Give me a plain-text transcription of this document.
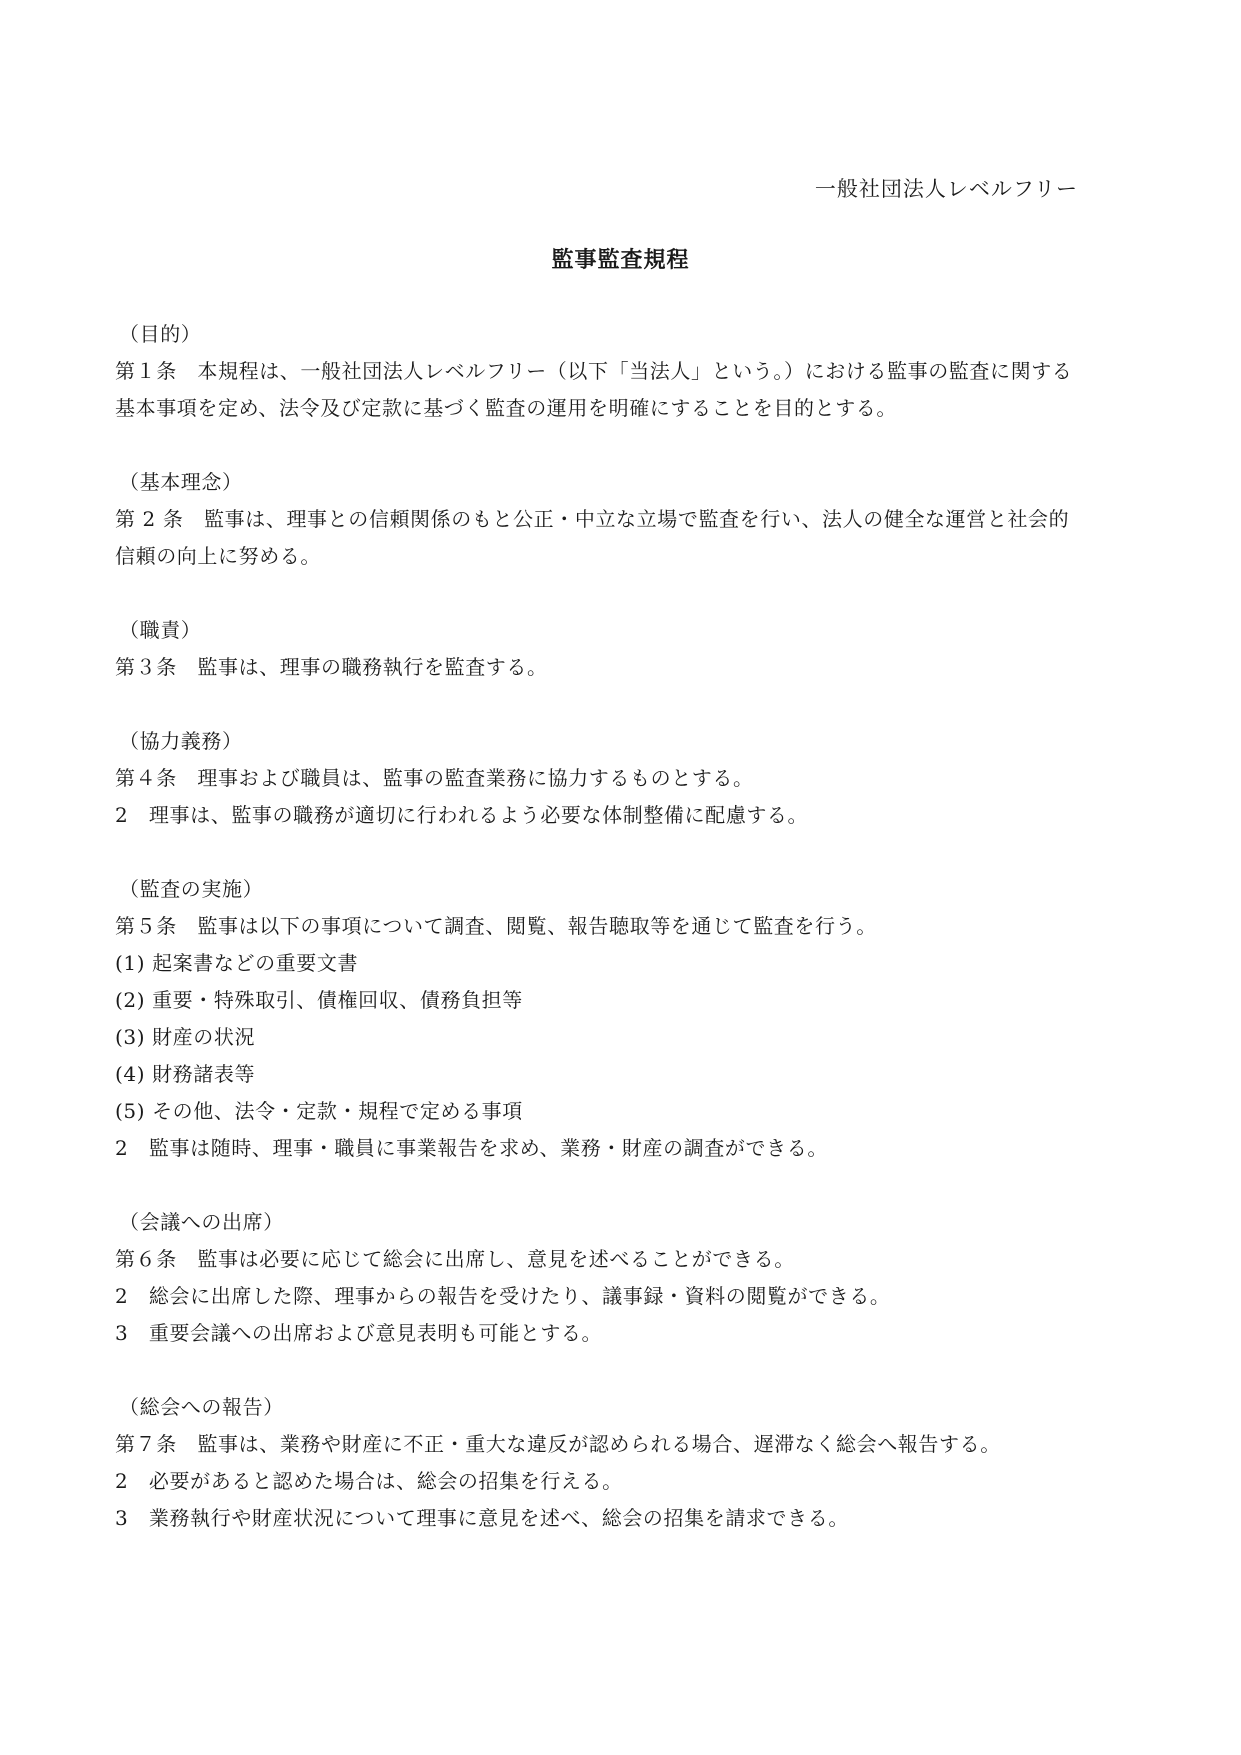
一般社団法人レベルフリー
監事監査規程
（目的）
第１条　本規程は、一般社団法人レベルフリー（以下「当法人」という。）における監事の監査に関する
基本事項を定め、法令及び定款に基づく監査の運用を明確にすることを目的とする。
（基本理念）
第 2 条　監事は、理事との信頼関係のもと公正・中立な立場で監査を行い、法人の健全な運営と社会的
信頼の向上に努める。
（職責）
第３条　監事は、理事の職務執行を監査する。
（協力義務）
第４条　理事および職員は、監事の監査業務に協力するものとする。
2　理事は、監事の職務が適切に行われるよう必要な体制整備に配慮する。
（監査の実施）
第５条　監事は以下の事項について調査、閲覧、報告聴取等を通じて監査を行う。
(1) 起案書などの重要文書
(2) 重要・特殊取引、債権回収、債務負担等
(3) 財産の状況
(4) 財務諸表等
(5) その他、法令・定款・規程で定める事項
2　監事は随時、理事・職員に事業報告を求め、業務・財産の調査ができる。
（会議への出席）
第６条　監事は必要に応じて総会に出席し、意見を述べることができる。
2　総会に出席した際、理事からの報告を受けたり、議事録・資料の閲覧ができる。
3　重要会議への出席および意見表明も可能とする。
（総会への報告）
第７条　監事は、業務や財産に不正・重大な違反が認められる場合、遅滞なく総会へ報告する。
2　必要があると認めた場合は、総会の招集を行える。
3　業務執行や財産状況について理事に意見を述べ、総会の招集を請求できる。
